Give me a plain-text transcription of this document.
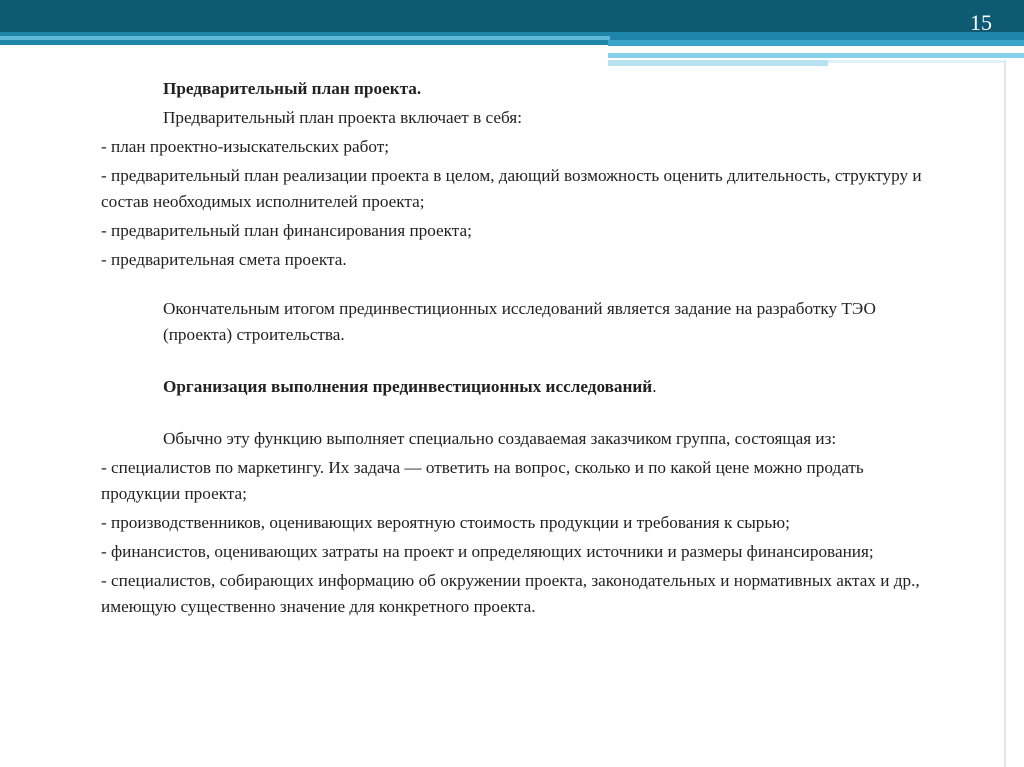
15

Предварительный план проекта.

Предварительный план проекта включает в себя:

- план проектно-изыскательских работ;

- предварительный план реализации проекта в целом, дающий возможность оценить длительность, структуру и состав необходимых исполнителей проекта;

- предварительный план финансирования проекта;

- предварительная смета проекта.

Окончательным итогом прединвестиционных исследований является задание на разработку ТЭО (проекта) строительства.

Организация выполнения прединвестиционных исследований.

Обычно эту функцию выполняет специально создаваемая заказчиком группа, состоящая из:

- специалистов по маркетингу. Их задача — ответить на вопрос, сколько и по какой цене можно продать продукции проекта;

- производственников, оценивающих вероятную стоимость продукции и требования к сырью;

- финансистов, оценивающих затраты на проект и определяющих источники и размеры финансирования;

- специалистов, собирающих информацию об окружении проекта, законодательных и нормативных актах и др., имеющую существенно значение для конкретного проекта.
